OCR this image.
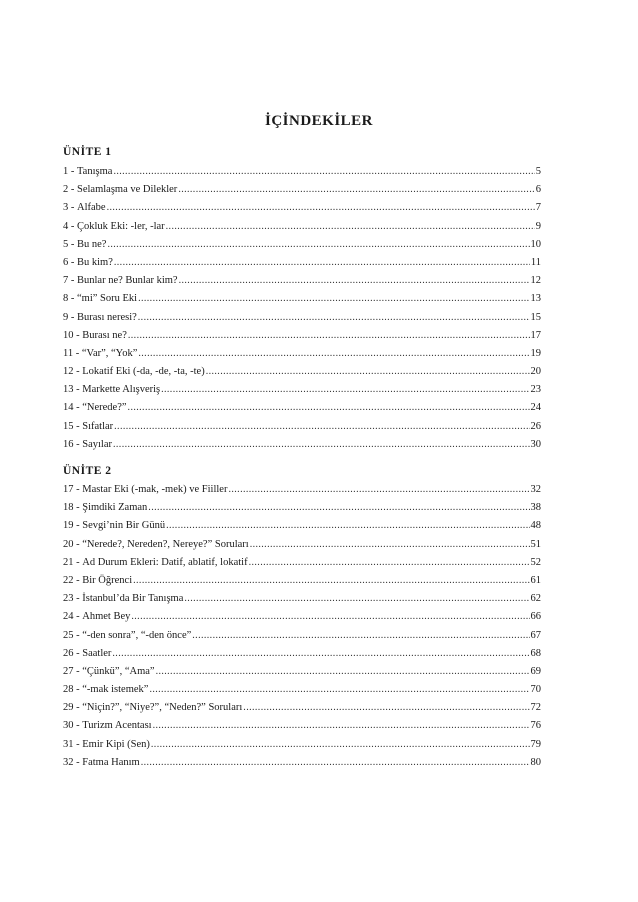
İÇİNDEKİLER
ÜNİTE 1
1 - Tanışma .....	5
2 - Selamlaşma ve Dilekler .....	6
3 - Alfabe .....	7
4 - Çokluk Eki: -ler, -lar .....	9
5 - Bu ne? .....	10
6 - Bu kim? .....	11
7 - Bunlar ne? Bunlar kim? .....	12
8 - “mi” Soru Eki .....	13
9 - Burası neresi? .....	15
10 - Burası ne? .....	17
11 - “Var”, “Yok” .....	19
12 - Lokatif Eki (-da, -de, -ta, -te) .....	20
13 - Markette Alışveriş .....	23
14 - “Nerede?” .....	24
15 - Sıfatlar .....	26
16 - Sayılar .....	30
ÜNİTE 2
17 - Mastar Eki (-mak, -mek) ve Fiiller .....	32
18 - Şimdiki Zaman .....	38
19 - Sevgi’nin Bir Günü .....	48
20 - “Nerede?, Nereden?, Nereye?” Soruları .....	51
21 - Ad Durum Ekleri: Datif, ablatif, lokatif .....	52
22 - Bir Öğrenci .....	61
23 - İstanbul’da Bir Tanışma .....	62
24 - Ahmet Bey .....	66
25 - “-den sonra”, “-den önce” .....	67
26 - Saatler .....	68
27 - “Çünkü”, “Ama” .....	69
28 - “-mak istemek” .....	70
29 - “Niçin?”, “Niye?”, “Neden?” Soruları .....	72
30 - Turizm Acentası .....	76
31 - Emir Kipi (Sen) .....	79
32 - Fatma Hanım .....	80
